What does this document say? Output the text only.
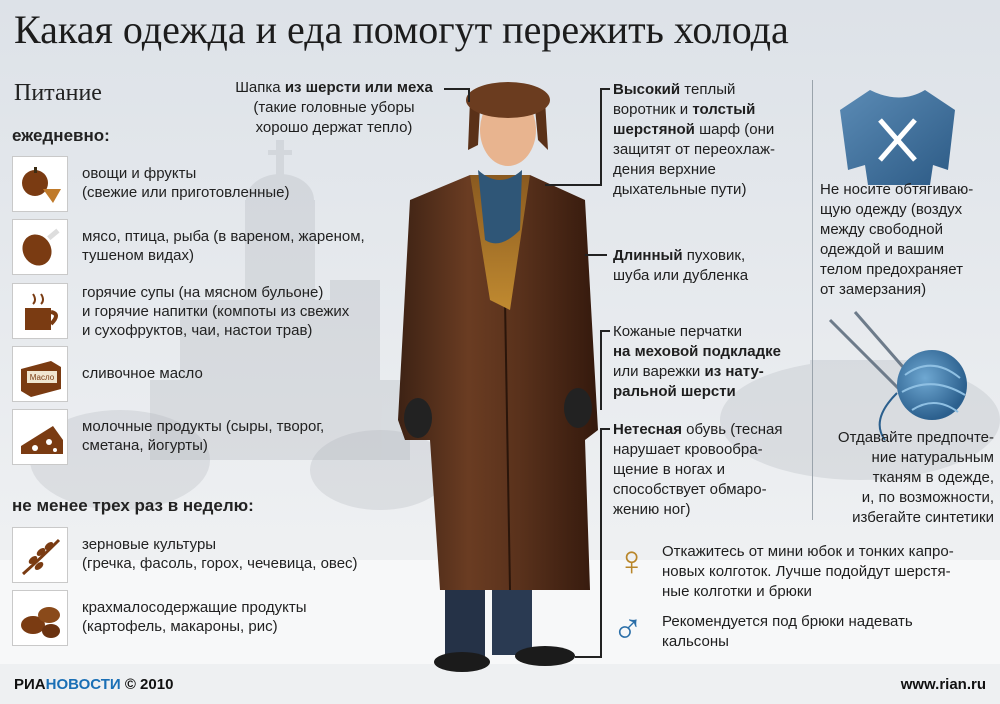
Какая одежда и еда помогут пережить холода
Питание
ежедневно:
овощи и фрукты
(свежие или приготовленные)
мясо, птица, рыба (в вареном, жареном,
тушеном видах)
горячие супы (на мясном бульоне)
и горячие напитки (компоты из свежих
и сухофруктов, чаи, настои трав)
Масло сливочное масло
молочные продукты (сыры, творог,
сметана, йогурты)
не менее трех раз в неделю:
зерновые культуры
(гречка, фасоль, горох, чечевица, овес)
крахмалосодержащие продукты
(картофель, макароны, рис)
Шапка из шерсти или меха
(такие головные уборы
хорошо держат тепло)
Высокий теплый
воротник и толстый
шерстяной шарф (они
защитят от переохлаж-
дения верхние
дыхательные пути)
Длинный пуховик,
шуба или дубленка
Кожаные перчатки
на меховой подкладке
или варежки из нату-
ральной шерсти
Нетесная обувь (тесная
нарушает кровообра-
щение в ногах и
способствует обмаро-
жению ног)
Не носите обтягиваю-
щую одежду (воздух
между свободной
одеждой и вашим
телом предохраняет
от замерзания)
Отдавайте предпочте-
ние натуральным
тканям в одежде,
и, по возможности,
избегайте синтетики
♀ Откажитесь от мини юбок и тонких капро-
новых колготок. Лучше подойдут шерстя-
ные колготки и брюки
♂ Рекомендуется под брюки надевать
кальсоны
РИАНОВОСТИ © 2010	www.rian.ru
